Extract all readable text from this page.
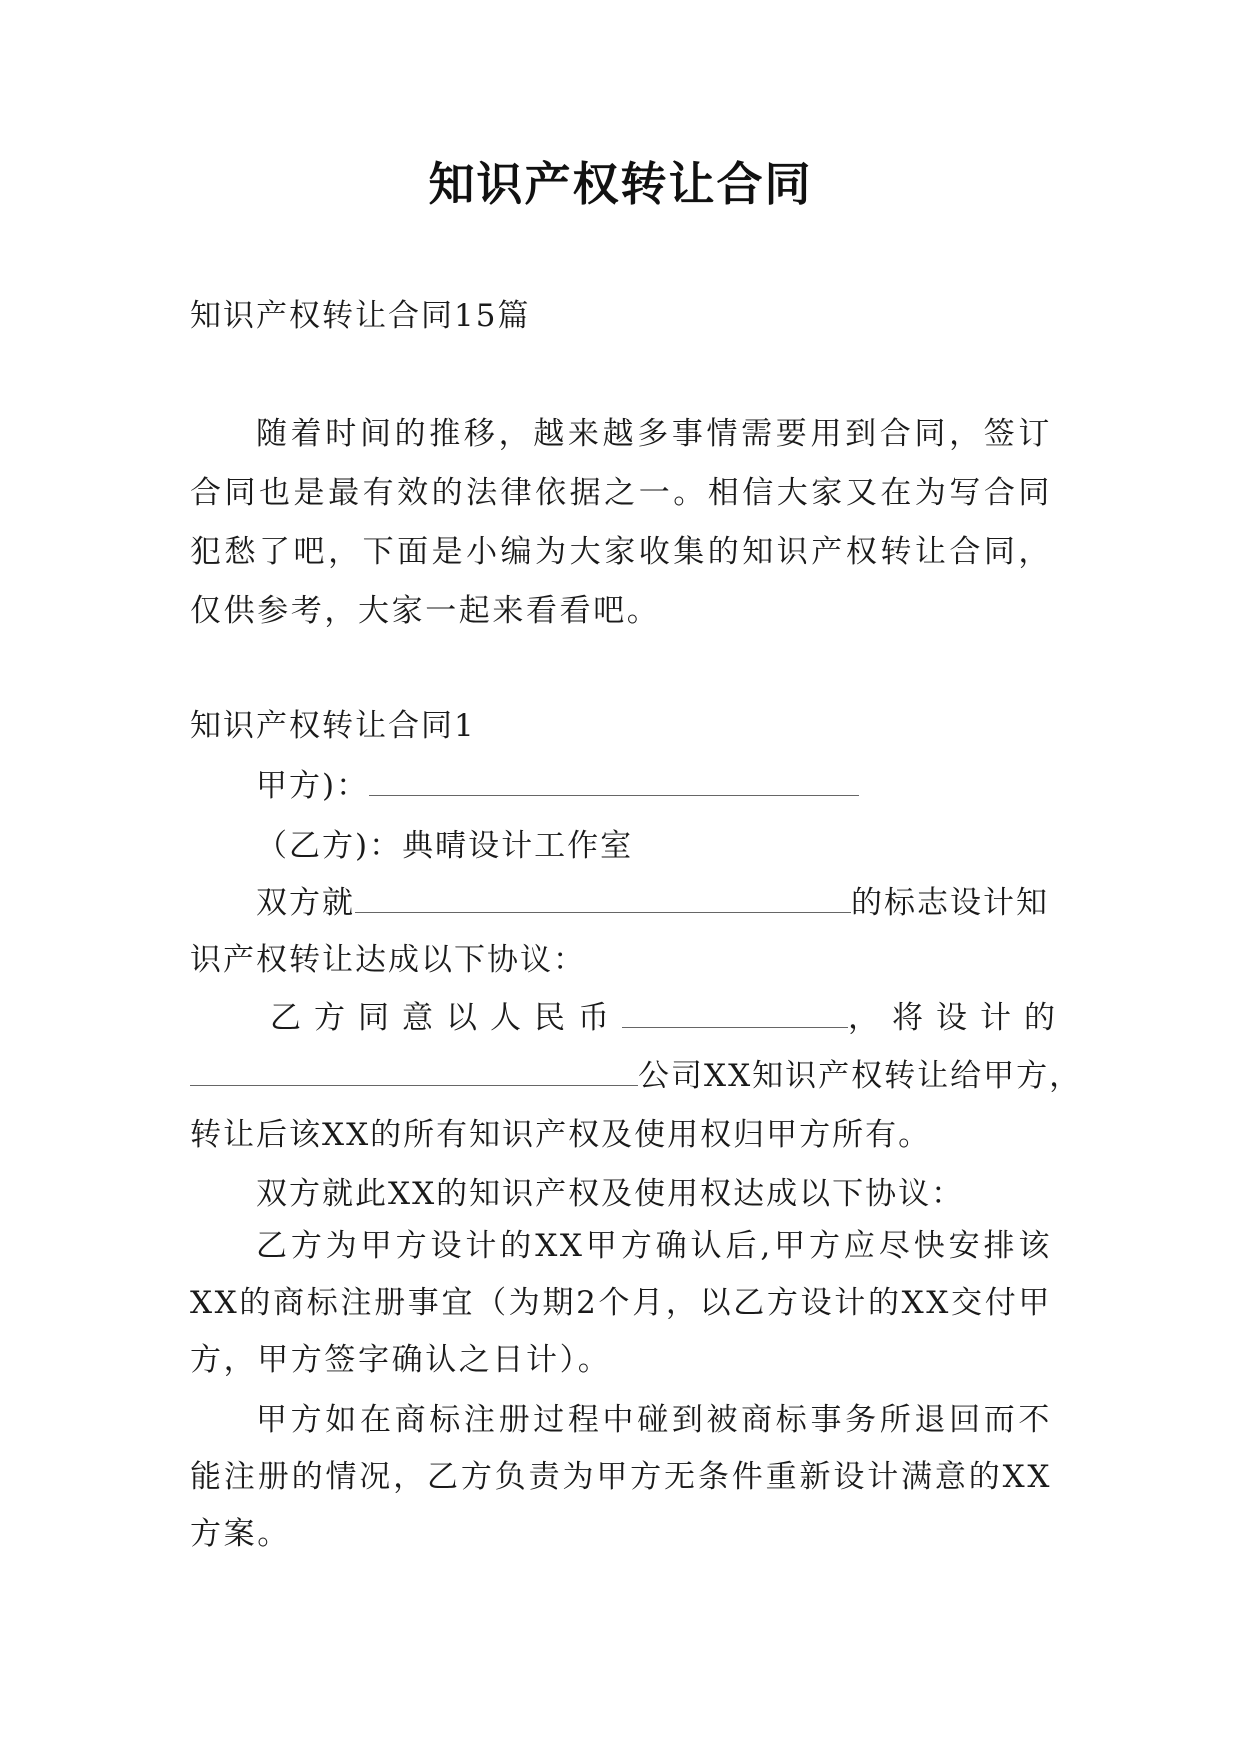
知识产权转让合同
知识产权转让合同15篇

随着时间的推移，越来越多事情需要用到合同，签订合同也是最有效的法律依据之一。相信大家又在为写合同犯愁了吧，下面是小编为大家收集的知识产权转让合同，仅供参考，大家一起来看看吧。

知识产权转让合同1
甲方)：
（乙方)：典晴设计工作室
双方就	的标志设计知
识产权转让达成以下协议：
乙方同意以人民币	，将设计的
公司XX知识产权转让给甲方，
转让后该XX的所有知识产权及使用权归甲方所有。
双方就此XX的知识产权及使用权达成以下协议：

乙方为甲方设计的XX甲方确认后,甲方应尽快安排该XX的商标注册事宜（为期2个月，以乙方设计的XX交付甲方，甲方签字确认之日计）。

甲方如在商标注册过程中碰到被商标事务所退回而不能注册的情况，乙方负责为甲方无条件重新设计满意的XX方案。
